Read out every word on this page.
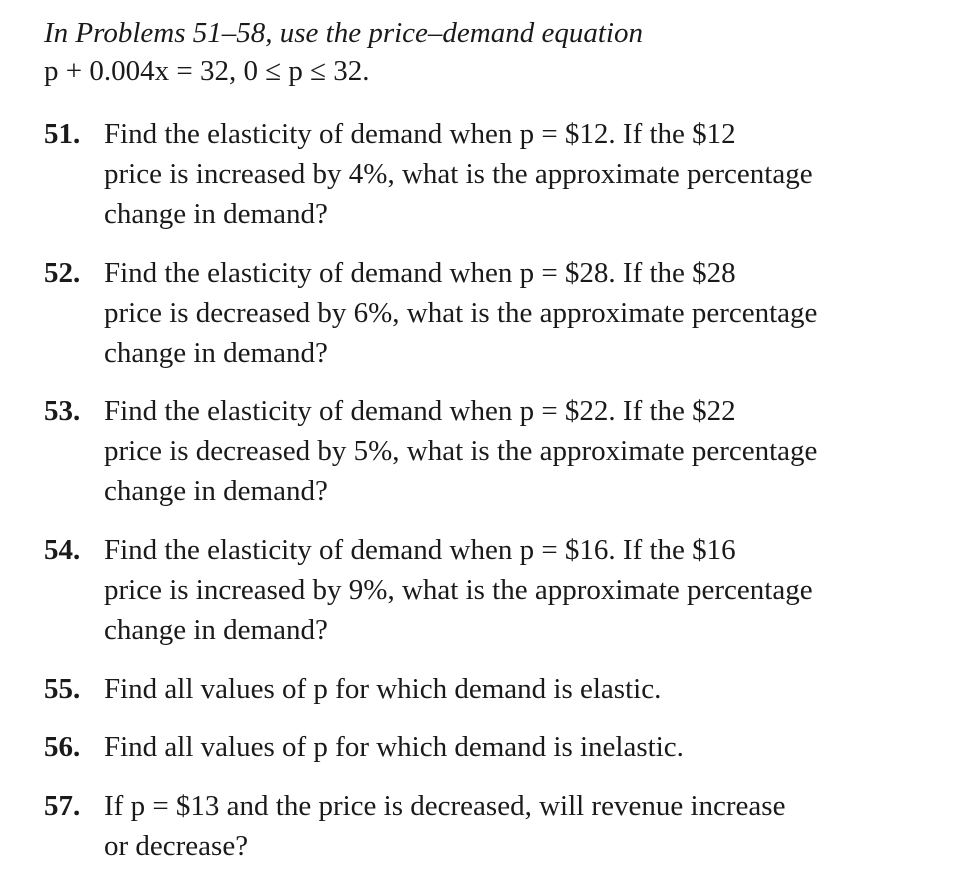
In Problems 51–58, use the price–demand equation
p + 0.004x = 32, 0 ≤ p ≤ 32.
51. Find the elasticity of demand when p = $12. If the $12
price is increased by 4%, what is the approximate percentage
change in demand?
52. Find the elasticity of demand when p = $28. If the $28
price is decreased by 6%, what is the approximate percentage
change in demand?
53. Find the elasticity of demand when p = $22. If the $22
price is decreased by 5%, what is the approximate percentage
change in demand?
54. Find the elasticity of demand when p = $16. If the $16
price is increased by 9%, what is the approximate percentage
change in demand?
55. Find all values of p for which demand is elastic.
56. Find all values of p for which demand is inelastic.
57. If p = $13 and the price is decreased, will revenue increase
or decrease?
